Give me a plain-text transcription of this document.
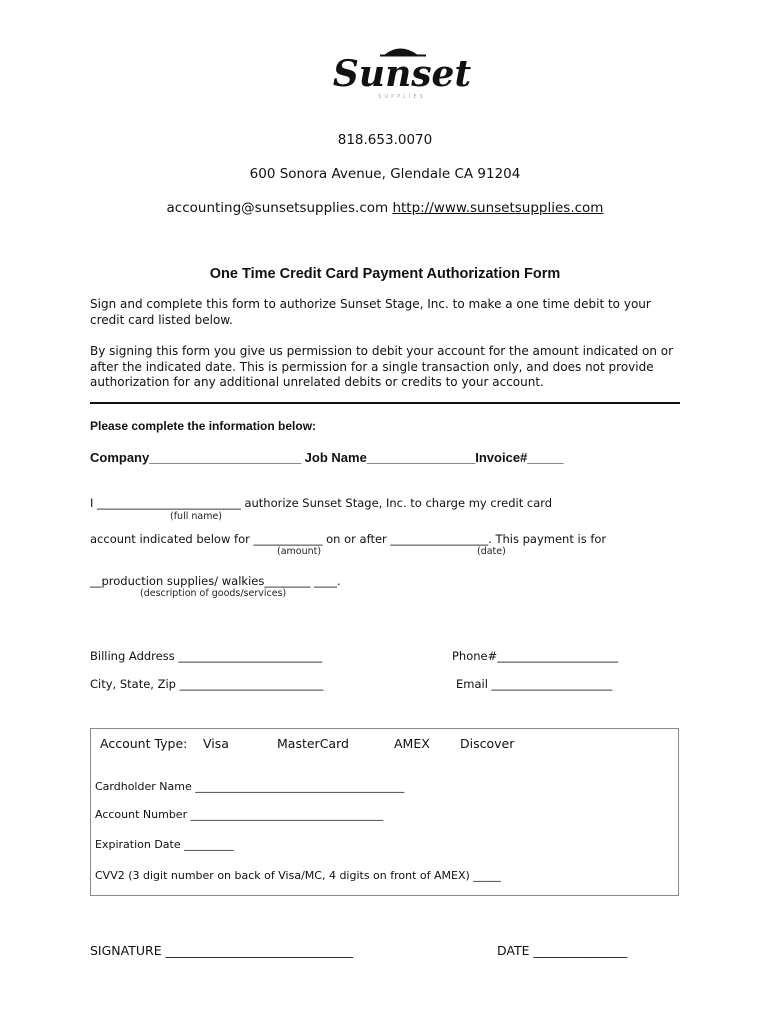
Sunset
SUPPLIES
818.653.0070
600 Sonora Avenue, Glendale CA 91204
accounting@sunsetsupplies.com http://www.sunsetsupplies.com
One Time Credit Card Payment Authorization Form
Sign and complete this form to authorize Sunset Stage, Inc. to make a one time debit to your credit card listed below.
By signing this form you give us permission to debit your account for the amount indicated on or after the indicated date. This is permission for a single transaction only, and does not provide authorization for any additional unrelated debits or credits to your account.
Please complete the information below:
Company_____________________ Job Name_______________Invoice#_____
I _________________________ authorize Sunset Stage, Inc. to charge my credit card
(full name)
account indicated below for ____________ on or after _________________. This payment is for
(amount)	(date)
__production supplies/ walkies________ ____.
(description of goods/services)
Billing Address _________________________	Phone#_____________________
City, State, Zip _________________________	Email _____________________
Account Type: Visa	MasterCard	AMEX Discover
Cardholder Name ______________________________________
Account Number ___________________________________
Expiration Date _________
CVV2 (3 digit number on back of Visa/MC, 4 digits on front of AMEX) _____
SIGNATURE ______________________________	DATE _______________
